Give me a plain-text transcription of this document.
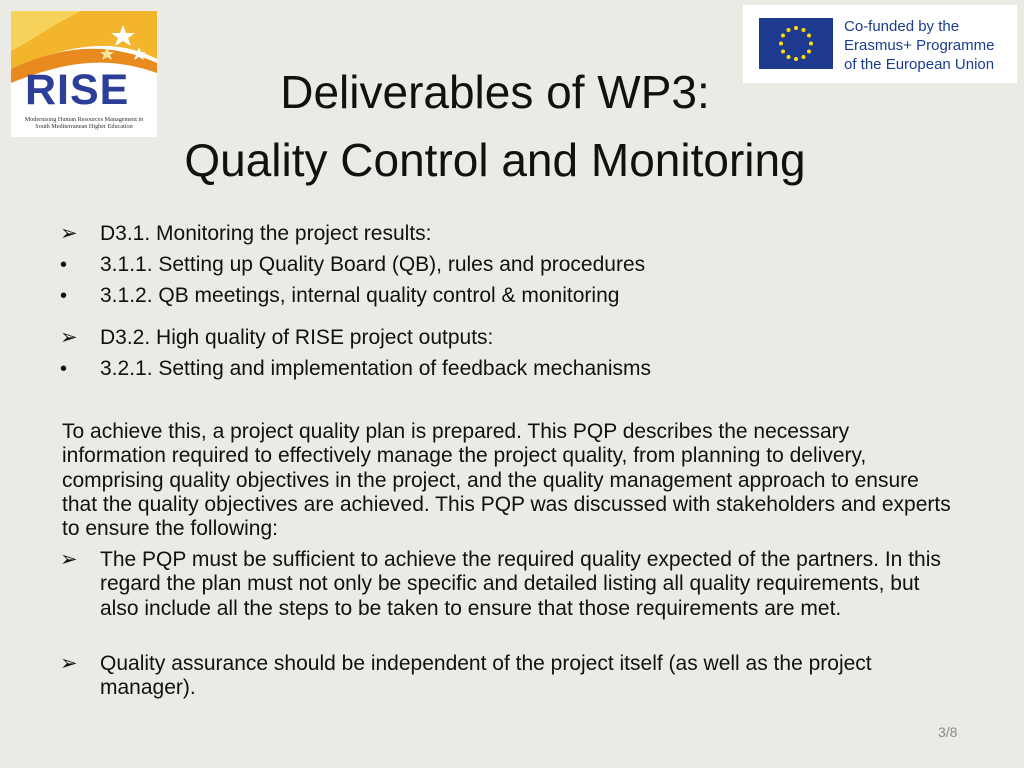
RISE
Modernising Human Resources Management in
South Mediterranean Higher Education
Co-funded by the
Erasmus+ Programme
of the European Union
Deliverables of WP3:
Quality Control and Monitoring
➢	D3.1. Monitoring the project results:
•	3.1.1. Setting up Quality Board (QB), rules and procedures
•	3.1.2. QB meetings, internal quality control & monitoring
➢	D3.2. High quality of RISE project outputs:
•	3.2.1. Setting and implementation of feedback mechanisms
To achieve this, a project quality plan is prepared. This PQP describes the necessary information required to effectively manage the project quality, from planning to delivery, comprising quality objectives in the project, and the quality management approach to ensure that the quality objectives are achieved. This PQP was discussed with stakeholders and experts to ensure the following:
➢ The PQP must be sufficient to achieve the required quality expected of the partners. In this regard the plan must not only be specific and detailed listing all quality requirements, but also include all the steps to be taken to ensure that those requirements are met.
➢ Quality assurance should be independent of the project itself (as well as the project manager).
3/8
